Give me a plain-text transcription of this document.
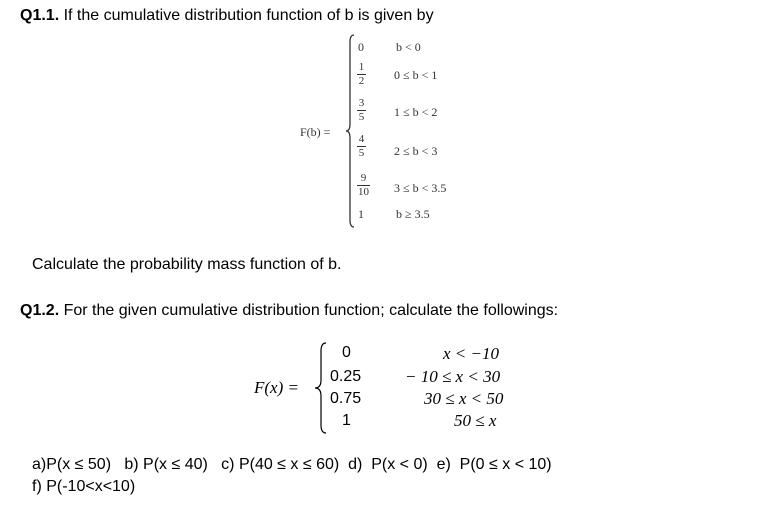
Q1.1. If the cumulative distribution function of b is given by
F(b) =
0	b < 0
1
2 0 ≤ b < 1
3
5 1 ≤ b < 2
4
5 2 ≤ b < 3
9
10 3 ≤ b < 3.5
1	b ≥ 3.5
Calculate the probability mass function of b.
Q1.2. For the given cumulative distribution function; calculate the followings:
F(x) =
0
0.25
0.75
1
x < −10
− 10 ≤ x < 30
30 ≤ x < 50
50 ≤ x
a)P(x ≤ 50)   b) P(x ≤ 40)   c) P(40 ≤ x ≤ 60)  d)  P(x < 0)  e)  P(0 ≤ x < 10)
f) P(-10<x<10)
